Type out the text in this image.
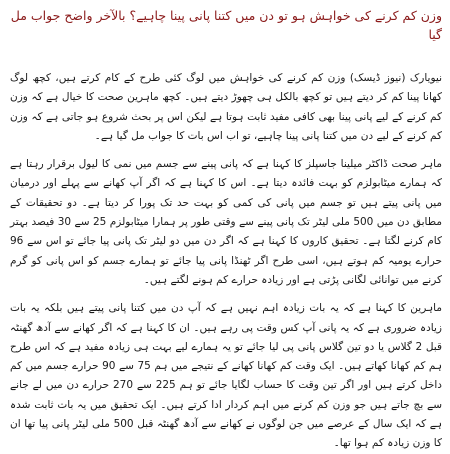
وزن کم کرنے کی خواہش ہو تو دن میں کتنا پانی پینا چاہیے؟ بالآخر واضح جواب مل گیا

نیویارک (نیوز ڈیسک) وزن کم کرنے کی خواہش میں لوگ کئی طرح کے کام کرتے ہیں، کچھ لوگ کھانا پینا کم کر دیتے ہیں تو کچھ بالکل ہی چھوڑ دیتے ہیں۔ کچھ ماہرین صحت کا خیال ہے کہ وزن کم کرنے کے لیے پانی پینا بھی کافی مفید ثابت ہوتا ہے لیکن اس پر بحث شروع ہو جاتی ہے کہ وزن کم کرنے کے لیے دن میں کتنا پانی پینا چاہیے، تو اب اس بات کا جواب مل گیا ہے۔

ماہر صحت ڈاکٹر میلینا جاسپلز کا کہنا ہے کہ پانی پینے سے جسم میں نمی کا لیول برقرار رہتا ہے کہ ہمارے میٹابولزم کو بہت فائدہ دیتا ہے۔ اس کا کہنا ہے کہ اگر آپ کھانے سے پہلے اور درمیان میں پانی پیتے ہیں تو جسم میں پانی کی کمی کو بہت حد تک پورا کر دیتا ہے۔ دو تحقیقات کے مطابق دن میں 500 ملی لیٹر تک پانی پینے سے وقتی طور پر ہمارا میٹابولزم 25 سے 30 فیصد بہتر کام کرنے لگتا ہے۔ تحقیق کاروں کا کہنا ہے کہ اگر دن میں دو لیٹر تک پانی پیا جائے تو اس سے 96 حرارے یومیہ کم ہوتے ہیں، اسی طرح اگر ٹھنڈا پانی پیا جائے تو ہمارے جسم کو اس پانی کو گرم کرنے میں توانائی لگانی پڑتی ہے اور زیادہ حرارے کم ہونے لگتے ہیں۔

ماہرین کا کہنا ہے کہ یہ بات زیادہ اہم نہیں ہے کہ آپ دن میں کتنا پانی پیتے ہیں بلکہ یہ بات زیادہ ضروری ہے کہ یہ پانی آپ کس وقت پی رہے ہیں۔ ان کا کہنا ہے کہ اگر کھانے سے آدھ گھنٹہ قبل 2 گلاس یا دو تین گلاس پانی پی لیا جائے تو یہ ہمارے لیے بہت ہی زیادہ مفید ہے کہ اس طرح ہم کم کھانا کھاتے ہیں۔ ایک وقت کم کھانا کھانے کے نتیجے میں ہم 75 سے 90 حرارے جسم میں کم داخل کرتے ہیں اور اگر تین وقت کا حساب لگایا جائے تو ہم 225 سے 270 حرارے دن میں لے جانے سے بچ جاتے ہیں جو وزن کم کرنے میں اہم کردار ادا کرتے ہیں۔ ایک تحقیق میں یہ بات ثابت شدہ ہے کہ ایک سال کے عرصے میں جن لوگوں نے کھانے سے آدھ گھنٹہ قبل 500 ملی لیٹر پانی پیا تھا ان کا وزن زیادہ کم ہوا تھا۔
